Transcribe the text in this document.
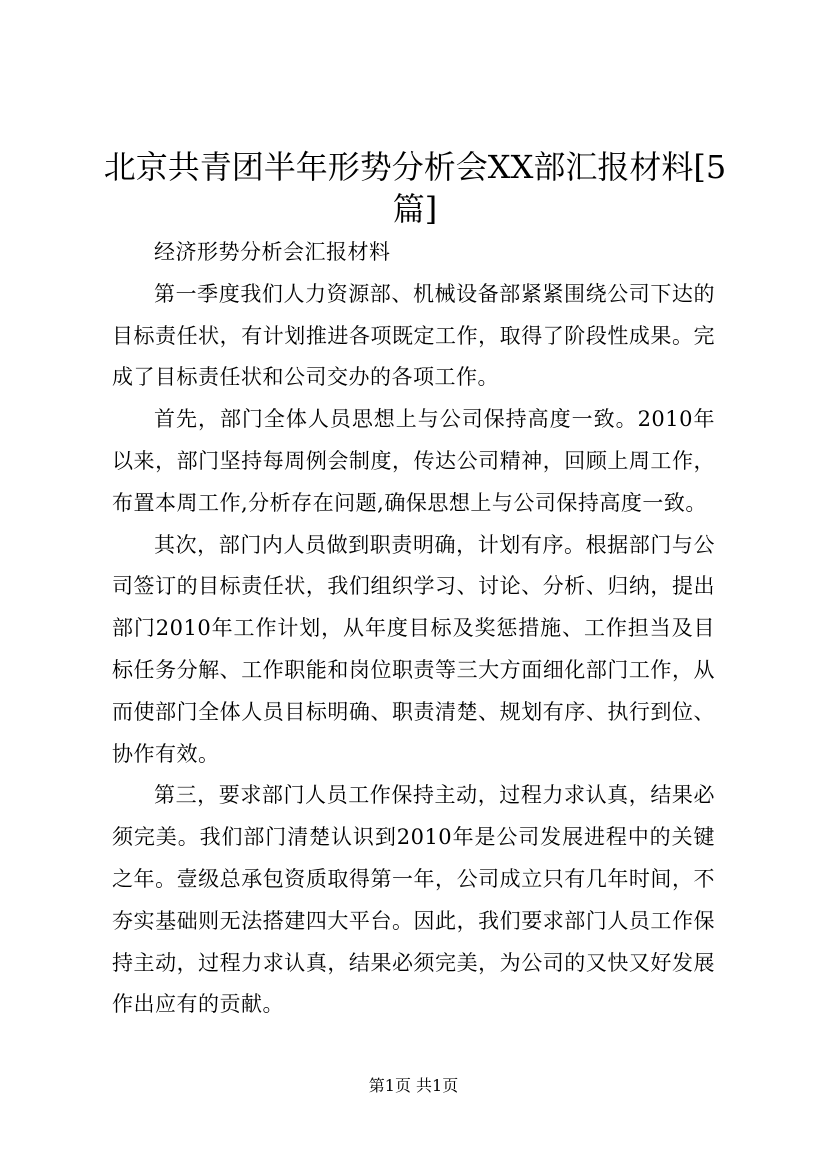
北京共青团半年形势分析会XX部汇报材料[5篇]

经济形势分析会汇报材料

第一季度我们人力资源部、机械设备部紧紧围绕公司下达的目标责任状，有计划推进各项既定工作，取得了阶段性成果。完成了目标责任状和公司交办的各项工作。

首先，部门全体人员思想上与公司保持高度一致。2010年以来，部门坚持每周例会制度，传达公司精神，回顾上周工作，布置本周工作,分析存在问题,确保思想上与公司保持高度一致。

其次，部门内人员做到职责明确，计划有序。根据部门与公司签订的目标责任状，我们组织学习、讨论、分析、归纳，提出部门2010年工作计划，从年度目标及奖惩措施、工作担当及目标任务分解、工作职能和岗位职责等三大方面细化部门工作，从而使部门全体人员目标明确、职责清楚、规划有序、执行到位、协作有效。

第三，要求部门人员工作保持主动，过程力求认真，结果必须完美。我们部门清楚认识到2010年是公司发展进程中的关键之年。壹级总承包资质取得第一年，公司成立只有几年时间，不夯实基础则无法搭建四大平台。因此，我们要求部门人员工作保持主动，过程力求认真，结果必须完美，为公司的又快又好发展作出应有的贡献。

第1页 共1页
